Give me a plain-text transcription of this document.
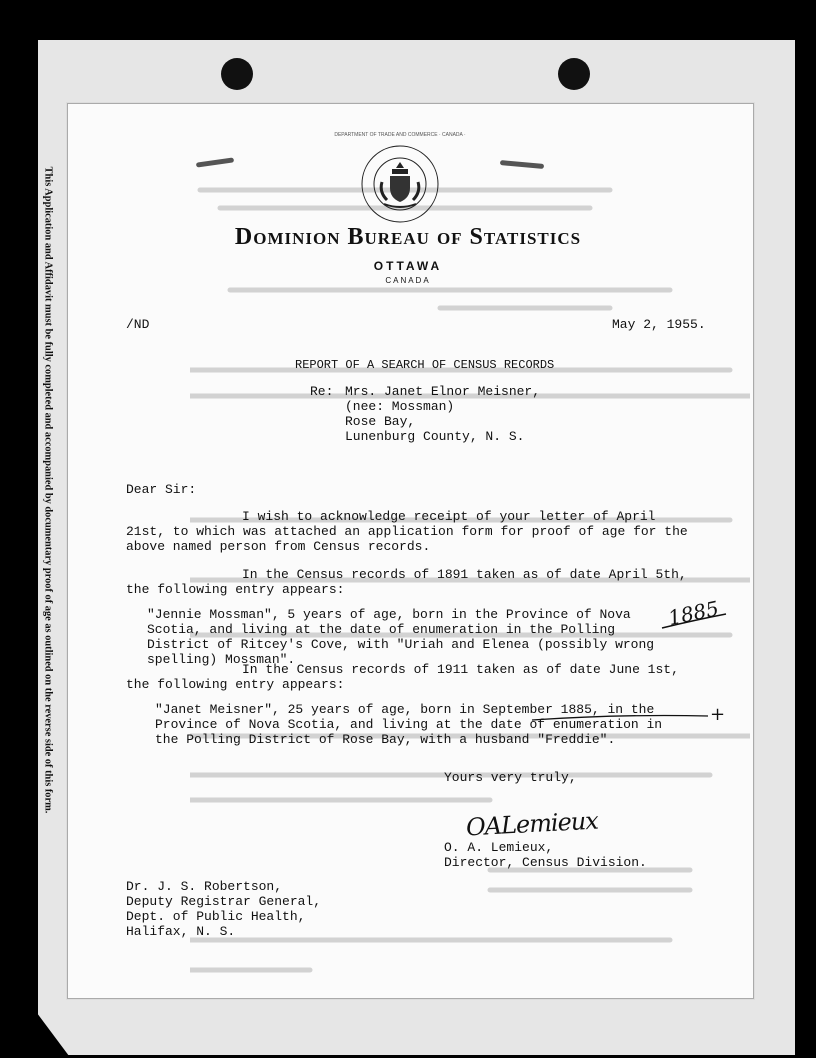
This Application and Affidavit must be fully completed and accompanied by documentary proof of age as outlined on the reverse side of this form.
DEPARTMENT OF TRADE AND COMMERCE · CANADA ·
Dominion Bureau of Statistics
OTTAWA
CANADA
/ND	May 2, 1955.
REPORT OF A SEARCH OF CENSUS RECORDS
Re: Mrs. Janet Elnor Meisner,
(nee: Mossman)
Rose Bay,
Lunenburg County, N. S.
Dear Sir:
I wish to acknowledge receipt of your letter of April 21st, to which was attached an application form for proof of age for the above named person from Census records.
In the Census records of 1891 taken as of date April 5th, the following entry appears:
"Jennie Mossman", 5 years of age, born in the Province of Nova Scotia, and living at the date of enumeration in the Polling District of Ritcey's Cove, with "Uriah and Elenea (possibly wrong spelling) Mossman".
In the Census records of 1911 taken as of date June 1st, the following entry appears:
"Janet Meisner", 25 years of age, born in September 1885, in the Province of Nova Scotia, and living at the date of enumeration in the Polling District of Rose Bay, with a husband "Freddie".
1885
+
Yours very truly,
OALemieux
O. A. Lemieux,
Director, Census Division.
Dr. J. S. Robertson,
Deputy Registrar General,
Dept. of Public Health,
Halifax, N. S.
